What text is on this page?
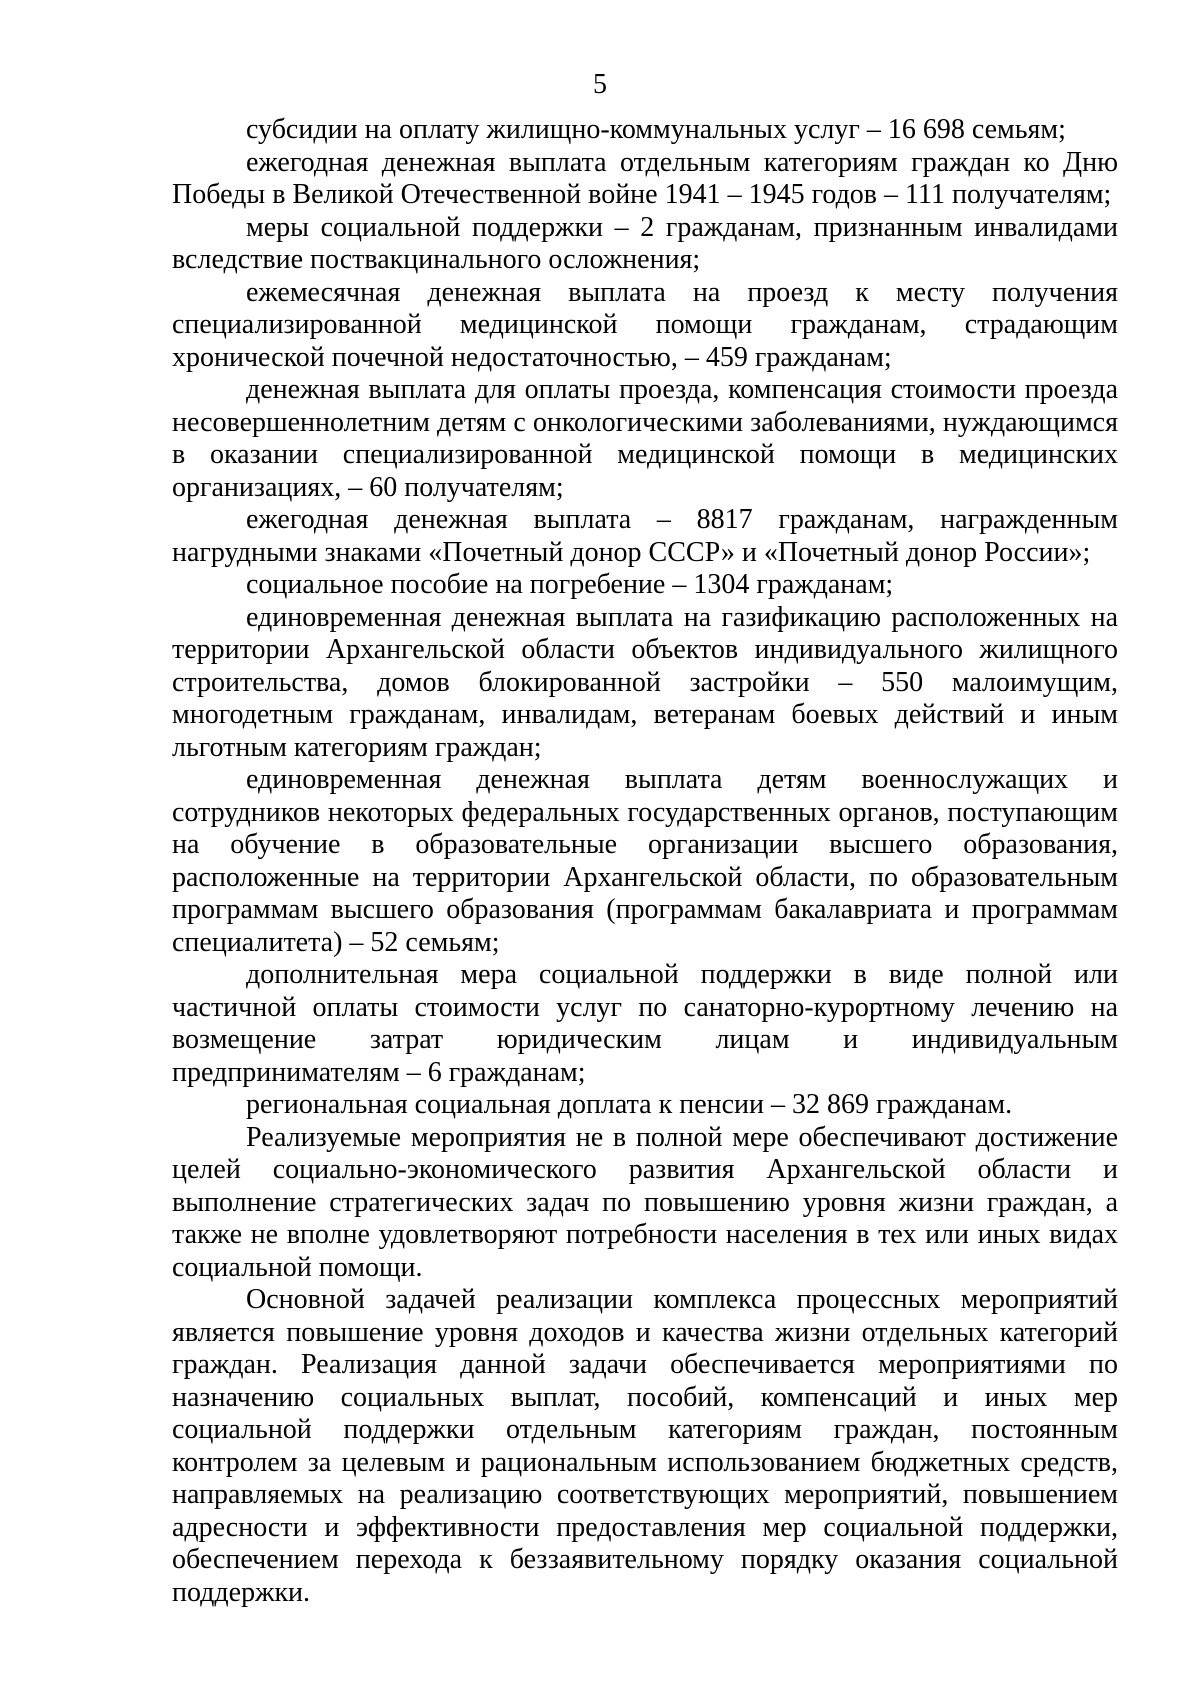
5

субсидии на оплату жилищно-коммунальных услуг – 16 698 семьям;

ежегодная денежная выплата отдельным категориям граждан ко Дню Победы в Великой Отечественной войне 1941 – 1945 годов – 111 получателям;

меры социальной поддержки – 2 гражданам, признанным инвалидами вследствие поствакцинального осложнения;

ежемесячная денежная выплата на проезд к месту получения специализированной медицинской помощи гражданам, страдающим хронической почечной недостаточностью, – 459 гражданам;

денежная выплата для оплаты проезда, компенсация стоимости проезда несовершеннолетним детям с онкологическими заболеваниями, нуждающимся в оказании специализированной медицинской помощи в медицинских организациях, – 60 получателям;

ежегодная денежная выплата – 8817 гражданам, награжденным нагрудными знаками «Почетный донор СССР» и «Почетный донор России»;

социальное пособие на погребение – 1304 гражданам;

единовременная денежная выплата на газификацию расположенных на территории Архангельской области объектов индивидуального жилищного строительства, домов блокированной застройки – 550 малоимущим, многодетным гражданам, инвалидам, ветеранам боевых действий и иным льготным категориям граждан;

единовременная денежная выплата детям военнослужащих и сотрудников некоторых федеральных государственных органов, поступающим на обучение в образовательные организации высшего образования, расположенные на территории Архангельской области, по образовательным программам высшего образования (программам бакалавриата и программам специалитета) – 52 семьям;

дополнительная мера социальной поддержки в виде полной или частичной оплаты стоимости услуг по санаторно-курортному лечению на возмещение затрат юридическим лицам и индивидуальным предпринимателям – 6 гражданам;

региональная социальная доплата к пенсии – 32 869 гражданам.

Реализуемые мероприятия не в полной мере обеспечивают достижение целей социально-экономического развития Архангельской области и выполнение стратегических задач по повышению уровня жизни граждан, а также не вполне удовлетворяют потребности населения в тех или иных видах социальной помощи.

Основной задачей реализации комплекса процессных мероприятий является повышение уровня доходов и качества жизни отдельных категорий граждан. Реализация данной задачи обеспечивается мероприятиями по назначению социальных выплат, пособий, компенсаций и иных мер социальной поддержки отдельным категориям граждан, постоянным контролем за целевым и рациональным использованием бюджетных средств, направляемых на реализацию соответствующих мероприятий, повышением адресности и эффективности предоставления мер социальной поддержки, обеспечением перехода к беззаявительному порядку оказания социальной поддержки.
